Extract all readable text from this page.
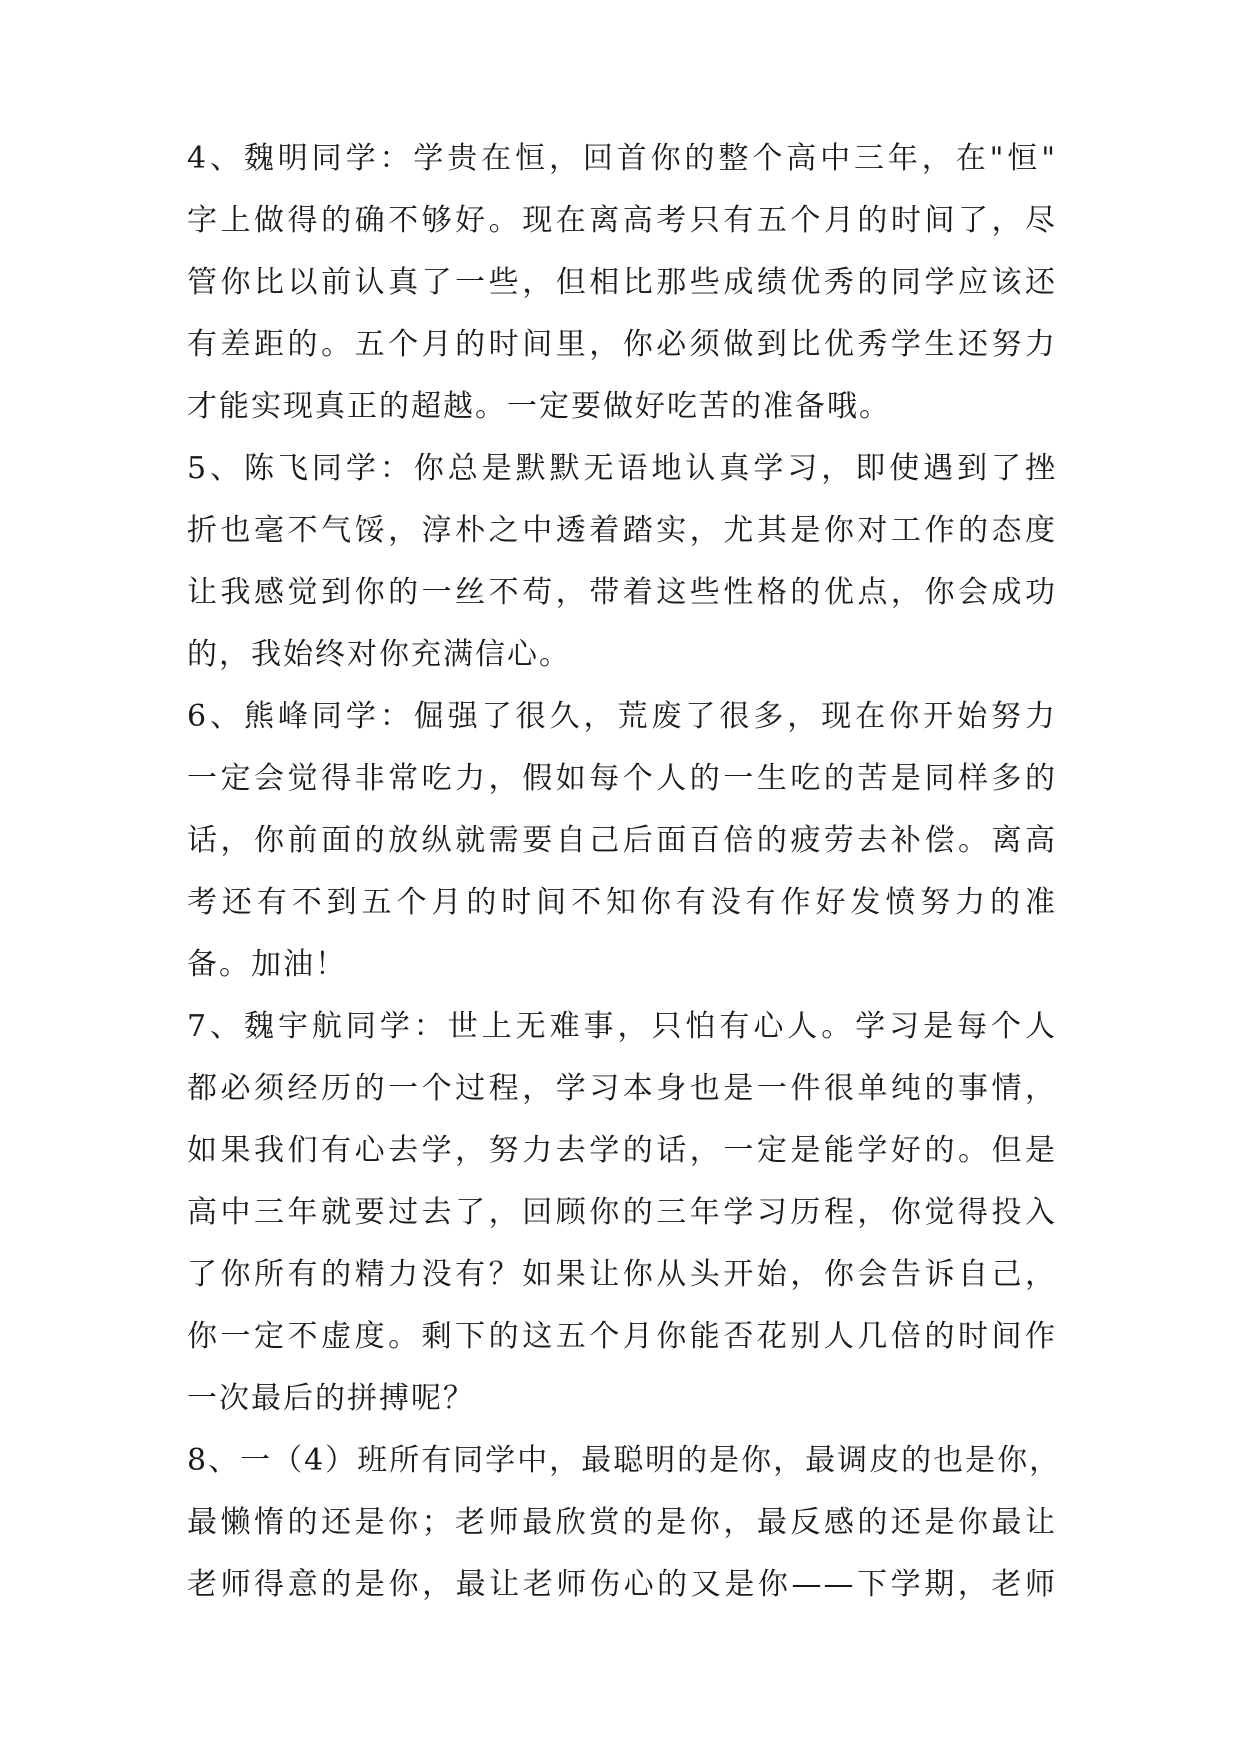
4、魏明同学：学贵在恒，回首你的整个高中三年，在"恒"
字上做得的确不够好。现在离高考只有五个月的时间了，尽
管你比以前认真了一些，但相比那些成绩优秀的同学应该还
有差距的。五个月的时间里，你必须做到比优秀学生还努力
才能实现真正的超越。一定要做好吃苦的准备哦。
5、陈飞同学：你总是默默无语地认真学习，即使遇到了挫
折也毫不气馁，淳朴之中透着踏实，尤其是你对工作的态度
让我感觉到你的一丝不苟，带着这些性格的优点，你会成功
的，我始终对你充满信心。
6、熊峰同学：倔强了很久，荒废了很多，现在你开始努力
一定会觉得非常吃力，假如每个人的一生吃的苦是同样多的
话，你前面的放纵就需要自己后面百倍的疲劳去补偿。离高
考还有不到五个月的时间不知你有没有作好发愤努力的准
备。加油！
7、魏宇航同学：世上无难事，只怕有心人。学习是每个人
都必须经历的一个过程，学习本身也是一件很单纯的事情，
如果我们有心去学，努力去学的话，一定是能学好的。但是
高中三年就要过去了，回顾你的三年学习历程，你觉得投入
了你所有的精力没有？如果让你从头开始，你会告诉自己，
你一定不虚度。剩下的这五个月你能否花别人几倍的时间作
一次最后的拼搏呢？
8、一（4）班所有同学中，最聪明的是你，最调皮的也是你，
最懒惰的还是你；老师最欣赏的是你，最反感的还是你最让
老师得意的是你，最让老师伤心的又是你——下学期，老师
